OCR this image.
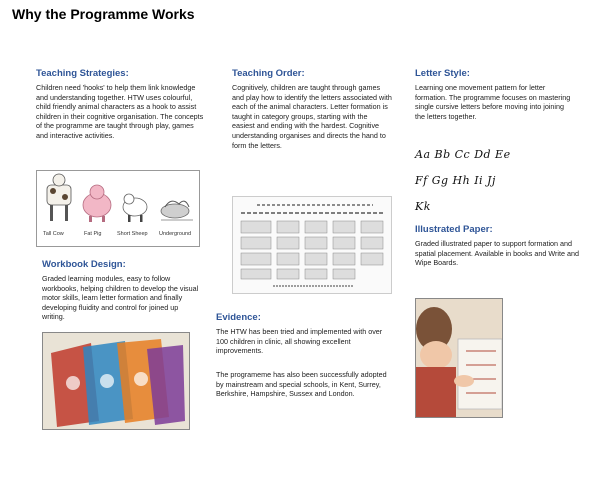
Why the Programme Works
Teaching Strategies:
Children need 'hooks' to help them link knowledge and understanding together. HTW uses colourful, child friendly animal characters as a hook to assist children in their cognitive organisation. The concepts of the programme are taught through play, games and interactive activities.
Tall Cow	Fat Pig	Short Sheep Underground
Workbook Design:
Graded learning modules, easy to follow workbooks, helping children to develop the visual motor skills, learn letter formation and finally developing fluidity and control for joined up writing.
Teaching Order:
Cognitively, children are taught through games and play how to identify the letters associated with each of the animal characters. Letter formation is taught in category groups, starting with the easiest and ending with the hardest. Cognitive understanding organises and directs the hand to form the letters.
Evidence:
The HTW has been tried and implemented with over 100 children in clinic, all showing excellent improvements.
The programeme has also been successfully adopted by mainstream and special schools, in Kent, Surrey, Berkshire, Hampshire, Sussex and London.
Letter Style:
Learning one movement pattern for letter formation. The programme focuses on mastering single cursive letters before moving into joining the letters together.
Aa Bb Cc Dd Ee
Ff Gg Hh Ii Jj
Kk
Illustrated Paper:
Graded illustrated paper to support formation and spatial placement. Available in books and Write and Wipe Boards.
